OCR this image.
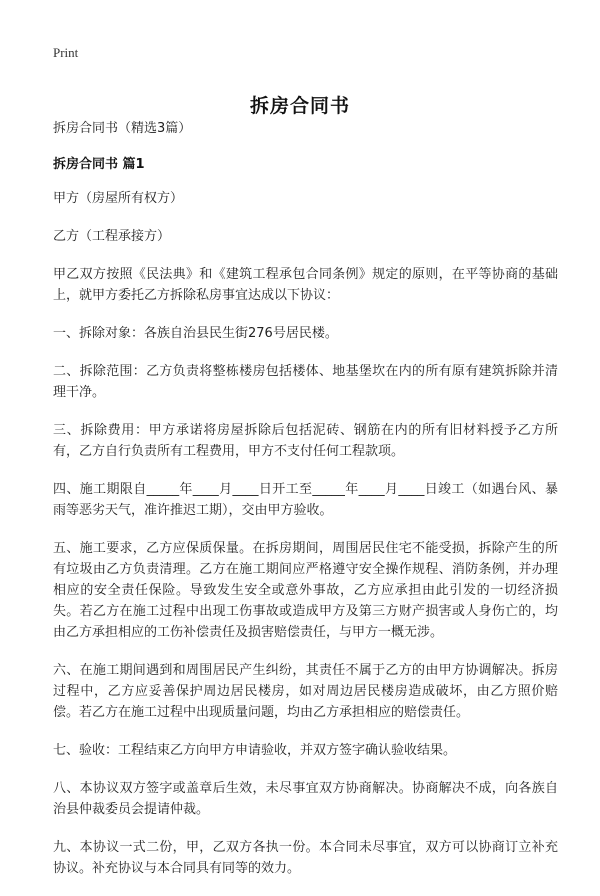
Print
拆房合同书

拆房合同书（精选3篇）

拆房合同书 篇1

甲方（房屋所有权方）

乙方（工程承接方）

甲乙双方按照《民法典》和《建筑工程承包合同条例》规定的原则，在平等协商的基础上，就甲方委托乙方拆除私房事宜达成以下协议：

一、拆除对象：各族自治县民生街276号居民楼。

二、拆除范围：乙方负责将整栋楼房包括楼体、地基堡坎在内的所有原有建筑拆除并清理干净。

三、拆除费用：甲方承诺将房屋拆除后包括泥砖、钢筋在内的所有旧材料授予乙方所有，乙方自行负责所有工程费用，甲方不支付任何工程款项。

四、施工期限自_____年____月____日开工至_____年____月____日竣工（如遇台风、暴雨等恶劣天气，准许推迟工期），交由甲方验收。

五、施工要求，乙方应保质保量。在拆房期间，周围居民住宅不能受损，拆除产生的所有垃圾由乙方负责清理。乙方在施工期间应严格遵守安全操作规程、消防条例，并办理相应的安全责任保险。导致发生安全或意外事故，乙方应承担由此引发的一切经济损失。若乙方在施工过程中出现工伤事故或造成甲方及第三方财产损害或人身伤亡的，均由乙方承担相应的工伤补偿责任及损害赔偿责任，与甲方一概无涉。

六、在施工期间遇到和周围居民产生纠纷，其责任不属于乙方的由甲方协调解决。拆房过程中，乙方应妥善保护周边居民楼房，如对周边居民楼房造成破坏，由乙方照价赔偿。若乙方在施工过程中出现质量问题，均由乙方承担相应的赔偿责任。

七、验收：工程结束乙方向甲方申请验收，并双方签字确认验收结果。

八、本协议双方签字或盖章后生效，未尽事宜双方协商解决。协商解决不成，向各族自治县仲裁委员会提请仲裁。

九、本协议一式二份，甲，乙双方各执一份。本合同未尽事宜，双方可以协商订立补充协议。补充协议与本合同具有同等的效力。
